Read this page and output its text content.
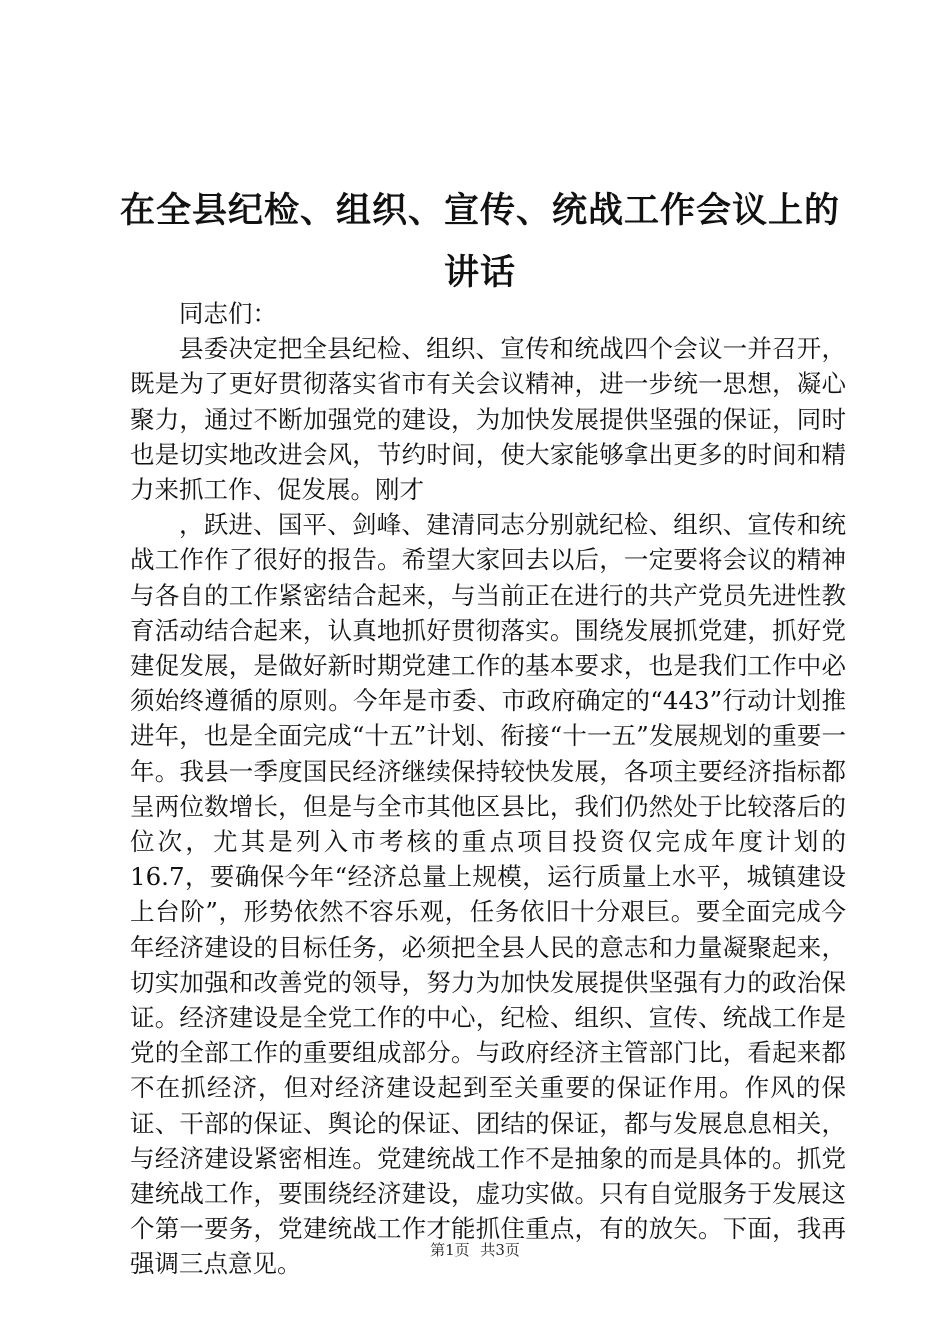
在全县纪检、组织、宣传、统战工作会议上的讲话

同志们：

县委决定把全县纪检、组织、宣传和统战四个会议一并召开，既是为了更好贯彻落实省市有关会议精神，进一步统一思想，凝心聚力，通过不断加强党的建设，为加快发展提供坚强的保证，同时也是切实地改进会风，节约时间，使大家能够拿出更多的时间和精力来抓工作、促发展。刚才

，跃进、国平、剑峰、建清同志分别就纪检、组织、宣传和统战工作作了很好的报告。希望大家回去以后，一定要将会议的精神与各自的工作紧密结合起来，与当前正在进行的共产党员先进性教育活动结合起来，认真地抓好贯彻落实。围绕发展抓党建，抓好党建促发展，是做好新时期党建工作的基本要求，也是我们工作中必须始终遵循的原则。今年是市委、市政府确定的“443”行动计划推进年，也是全面完成“十五”计划、衔接“十一五”发展规划的重要一年。我县一季度国民经济继续保持较快发展，各项主要经济指标都呈两位数增长，但是与全市其他区县比，我们仍然处于比较落后的位次，尤其是列入市考核的重点项目投资仅完成年度计划的16.7，要确保今年“经济总量上规模，运行质量上水平，城镇建设上台阶”，形势依然不容乐观，任务依旧十分艰巨。要全面完成今年经济建设的目标任务，必须把全县人民的意志和力量凝聚起来，切实加强和改善党的领导，努力为加快发展提供坚强有力的政治保证。经济建设是全党工作的中心，纪检、组织、宣传、统战工作是党的全部工作的重要组成部分。与政府经济主管部门比，看起来都不在抓经济，但对经济建设起到至关重要的保证作用。作风的保证、干部的保证、舆论的保证、团结的保证，都与发展息息相关，与经济建设紧密相连。党建统战工作不是抽象的而是具体的。抓党建统战工作，要围绕经济建设，虚功实做。只有自觉服务于发展这个第一要务，党建统战工作才能抓住重点，有的放矢。下面，我再强调三点意见。	第1页 共3页
